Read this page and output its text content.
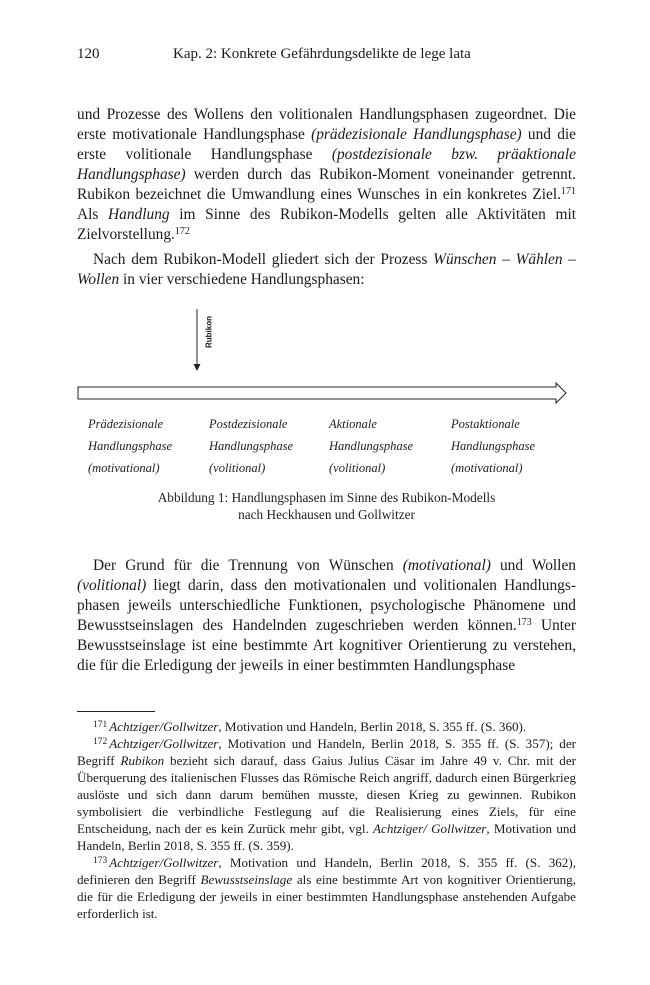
120	Kap. 2: Konkrete Gefährdungsdelikte de lege lata

und Prozesse des Wollens den volitionalen Handlungsphasen zugeordnet. Die erste motivationale Handlungsphase (prädezisionale Handlungsphase) und die erste volitionale Handlungsphase (postdezisionale bzw. präaktionale Handlungsphase) werden durch das Rubikon-Moment voneinander getrennt. Rubikon bezeichnet die Umwandlung eines Wunsches in ein konkretes Ziel.$^{171}$ Als Handlung im Sinne des Rubikon-Modells gelten alle Aktivitäten mit Zielvorstellung.$^{172}$

Nach dem Rubikon-Modell gliedert sich der Prozess Wünschen – Wählen – Wollen in vier verschiedene Handlungsphasen:

Rubikon
Prädezisionale
Handlungsphase
(motivational)
Postdezisionale
Handlungsphase
(volitional)
Aktionale
Handlungsphase
(volitional)
Postaktionale
Handlungsphase
(motivational)
Abbildung 1: Handlungsphasen im Sinne des Rubikon-Modells
nach Heckhausen und Gollwitzer

Der Grund für die Trennung von Wünschen (motivational) und Wollen (volitional) liegt darin, dass den motivationalen und volitionalen Handlungsphasen jeweils unterschiedliche Funktionen, psychologische Phänomene und Bewusstseinslagen des Handelnden zugeschrieben werden können.$^{173}$ Unter Bewusstseinslage ist eine bestimmte Art kognitiver Orientierung zu verstehen, die für die Erledigung der jeweils in einer bestimmten Handlungsphase

$^{171}$ Achtziger/Gollwitzer, Motivation und Handeln, Berlin 2018, S. 355 ff. (S. 360).

$^{172}$ Achtziger/Gollwitzer, Motivation und Handeln, Berlin 2018, S. 355 ff. (S. 357); der Begriff Rubikon bezieht sich darauf, dass Gaius Julius Cäsar im Jahre 49 v. Chr. mit der Überquerung des italienischen Flusses das Römische Reich angriff, dadurch einen Bürgerkrieg auslöste und sich dann darum bemühen musste, diesen Krieg zu gewinnen. Rubikon symbolisiert die verbindliche Festlegung auf die Realisierung eines Ziels, für eine Entscheidung, nach der es kein Zurück mehr gibt, vgl. Achtziger/ Gollwitzer, Motivation und Handeln, Berlin 2018, S. 355 ff. (S. 359).

$^{173}$ Achtziger/Gollwitzer, Motivation und Handeln, Berlin 2018, S. 355 ff. (S. 362), definieren den Begriff Bewusstseinslage als eine bestimmte Art von kognitiver Orientierung, die für die Erledigung der jeweils in einer bestimmten Handlungsphase anstehenden Aufgabe erforderlich ist.
